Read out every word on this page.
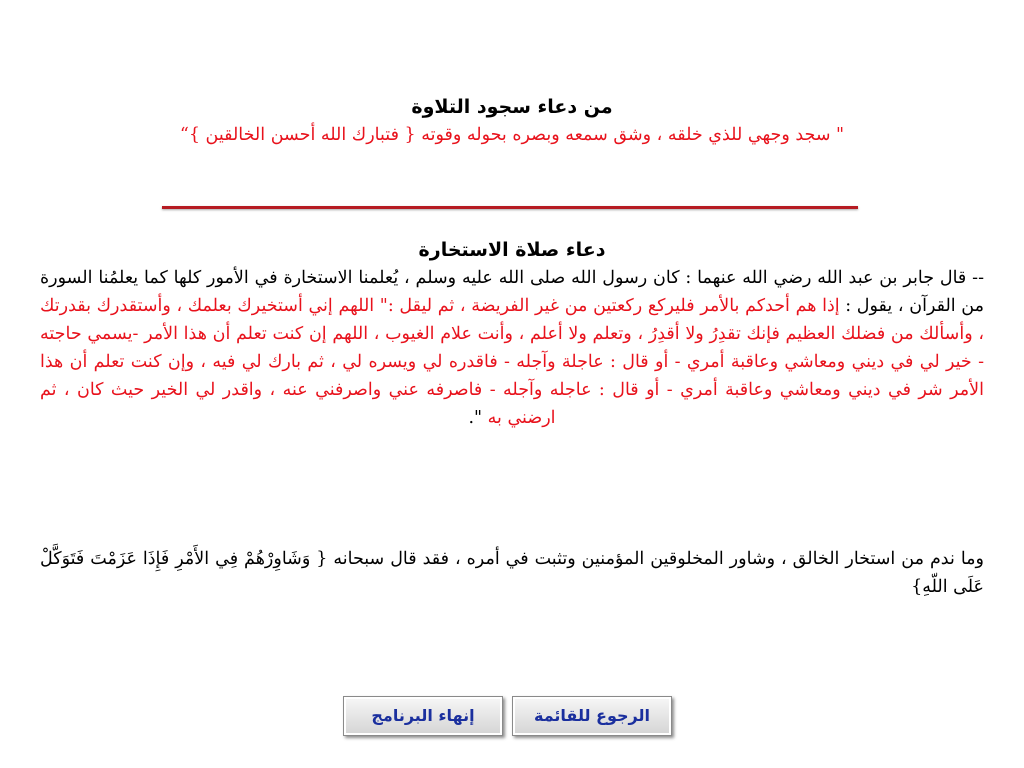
من دعاء سجود التلاوة
" سجد وجهي للذي خلقه ، وشق سمعه وبصره بحوله وقوته { فتبارك الله أحسن الخالقين }“
دعاء صلاة الاستخارة
-- قال جابر بن عبد الله رضي الله عنهما : كان رسول الله صلى الله عليه وسلم ، يُعلمنا الاستخارة في الأمور كلها كما يعلمُنا السورة من القرآن ، يقول : إذا هم أحدكم بالأمر فليركع ركعتين من غير الفريضة ، ثم ليقل :" اللهم إني أستخيرك بعلمك ، وأستقدرك بقدرتك ، وأسألك من فضلك العظيم فإنك تقدِرُ ولا أقدِرُ ، وتعلم ولا أعلم ، وأنت علام الغيوب ، اللهم إن كنت تعلم أن هذا الأمر -يسمي حاجته - خير لي في ديني ومعاشي وعاقبة أمري - أو قال : عاجلة وآجله - فاقدره لي ويسره لي ، ثم بارك لي فيه ، وإن كنت تعلم أن هذا الأمر شر في ديني ومعاشي وعاقبة أمري - أو قال : عاجله وآجله - فاصرفه عني واصرفني عنه ، واقدر لي الخير حيث كان ، ثم ارضني به ".
وما ندم من استخار الخالق ، وشاور المخلوقين المؤمنين وتثبت في أمره ، فقد قال سبحانه { وَشَاوِرْهُمْ فِي الأَمْرِ فَإِذَا عَزَمْتَ فَتَوَكَّلْ عَلَى اللّهِ}
إنهاء البرنامج	الرجوع للقائمة
